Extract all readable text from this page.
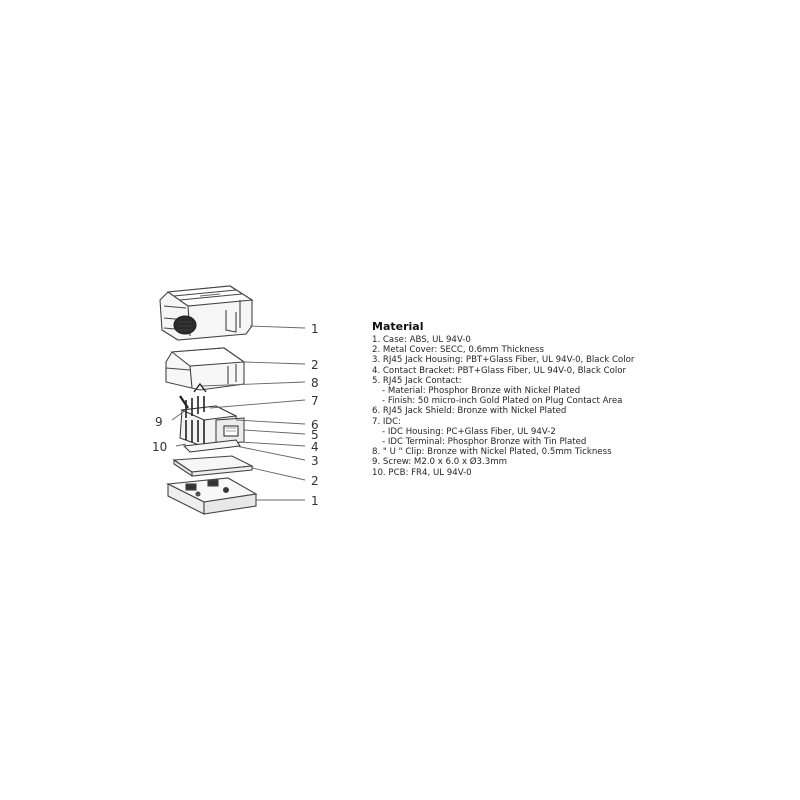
1
2
8
7
9	6
5
4
10
3
2
1
Material
1. Case: ABS, UL 94V-0
2. Metal Cover: SECC, 0.6mm Thickness
3. RJ45 Jack Housing: PBT+Glass Fiber, UL 94V-0, Black Color
4. Contact Bracket: PBT+Glass Fiber, UL 94V-0, Black Color
5. RJ45 Jack Contact:
- Material: Phosphor Bronze with Nickel Plated
- Finish: 50 micro-inch Gold Plated on Plug Contact Area
6. RJ45 Jack Shield: Bronze with Nickel Plated
7. IDC:
- IDC Housing: PC+Glass Fiber, UL 94V-2
- IDC Terminal: Phosphor Bronze with Tin Plated
8. " U " Clip: Bronze with Nickel Plated, 0.5mm Tickness
9. Screw: M2.0 x 6.0 x Ø3.3mm
10. PCB: FR4, UL 94V-0
